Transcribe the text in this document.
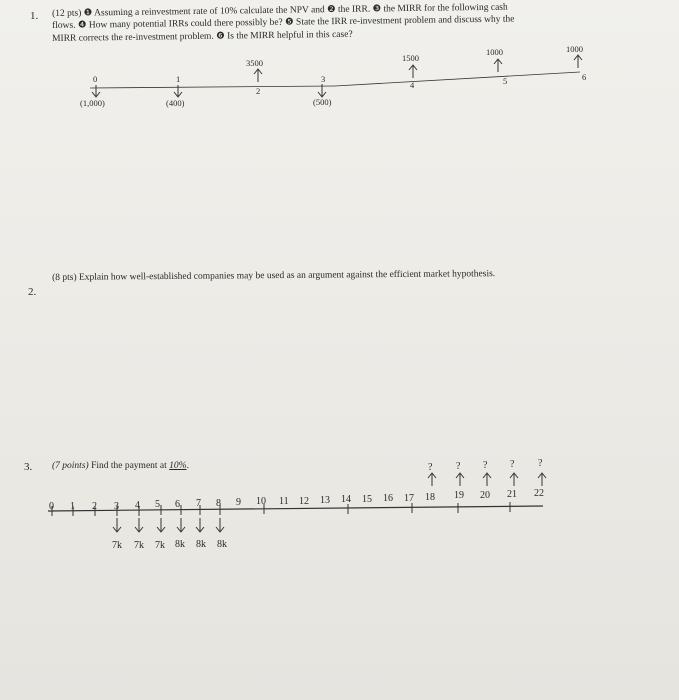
1. (12 pts) ❶ Assuming a reinvestment rate of 10% calculate the NPV and ❷ the IRR. ❸ the MIRR for the following cash
flows. ❹ How many potential IRRs could there possibly be? ❺ State the IRR re-investment problem and discuss why the
MIRR corrects the re-investment problem. ❻ Is the MIRR helpful in this case?
0	1
2
3
4	5	6
3500	1500
1000	1000
(1,000)	(400)	(500)
2.
(8 pts) Explain how well-established companies may be used as an argument against the efficient market hypothesis.
3. (7 points) Find the payment at 10%.
0 1 2 3 4 5 6 7 8 9 10 11 12 13 14 15 16 17 18 19 20 21 22
7k 7k 7k 8k 8k 8k
? ? ? ? ?
